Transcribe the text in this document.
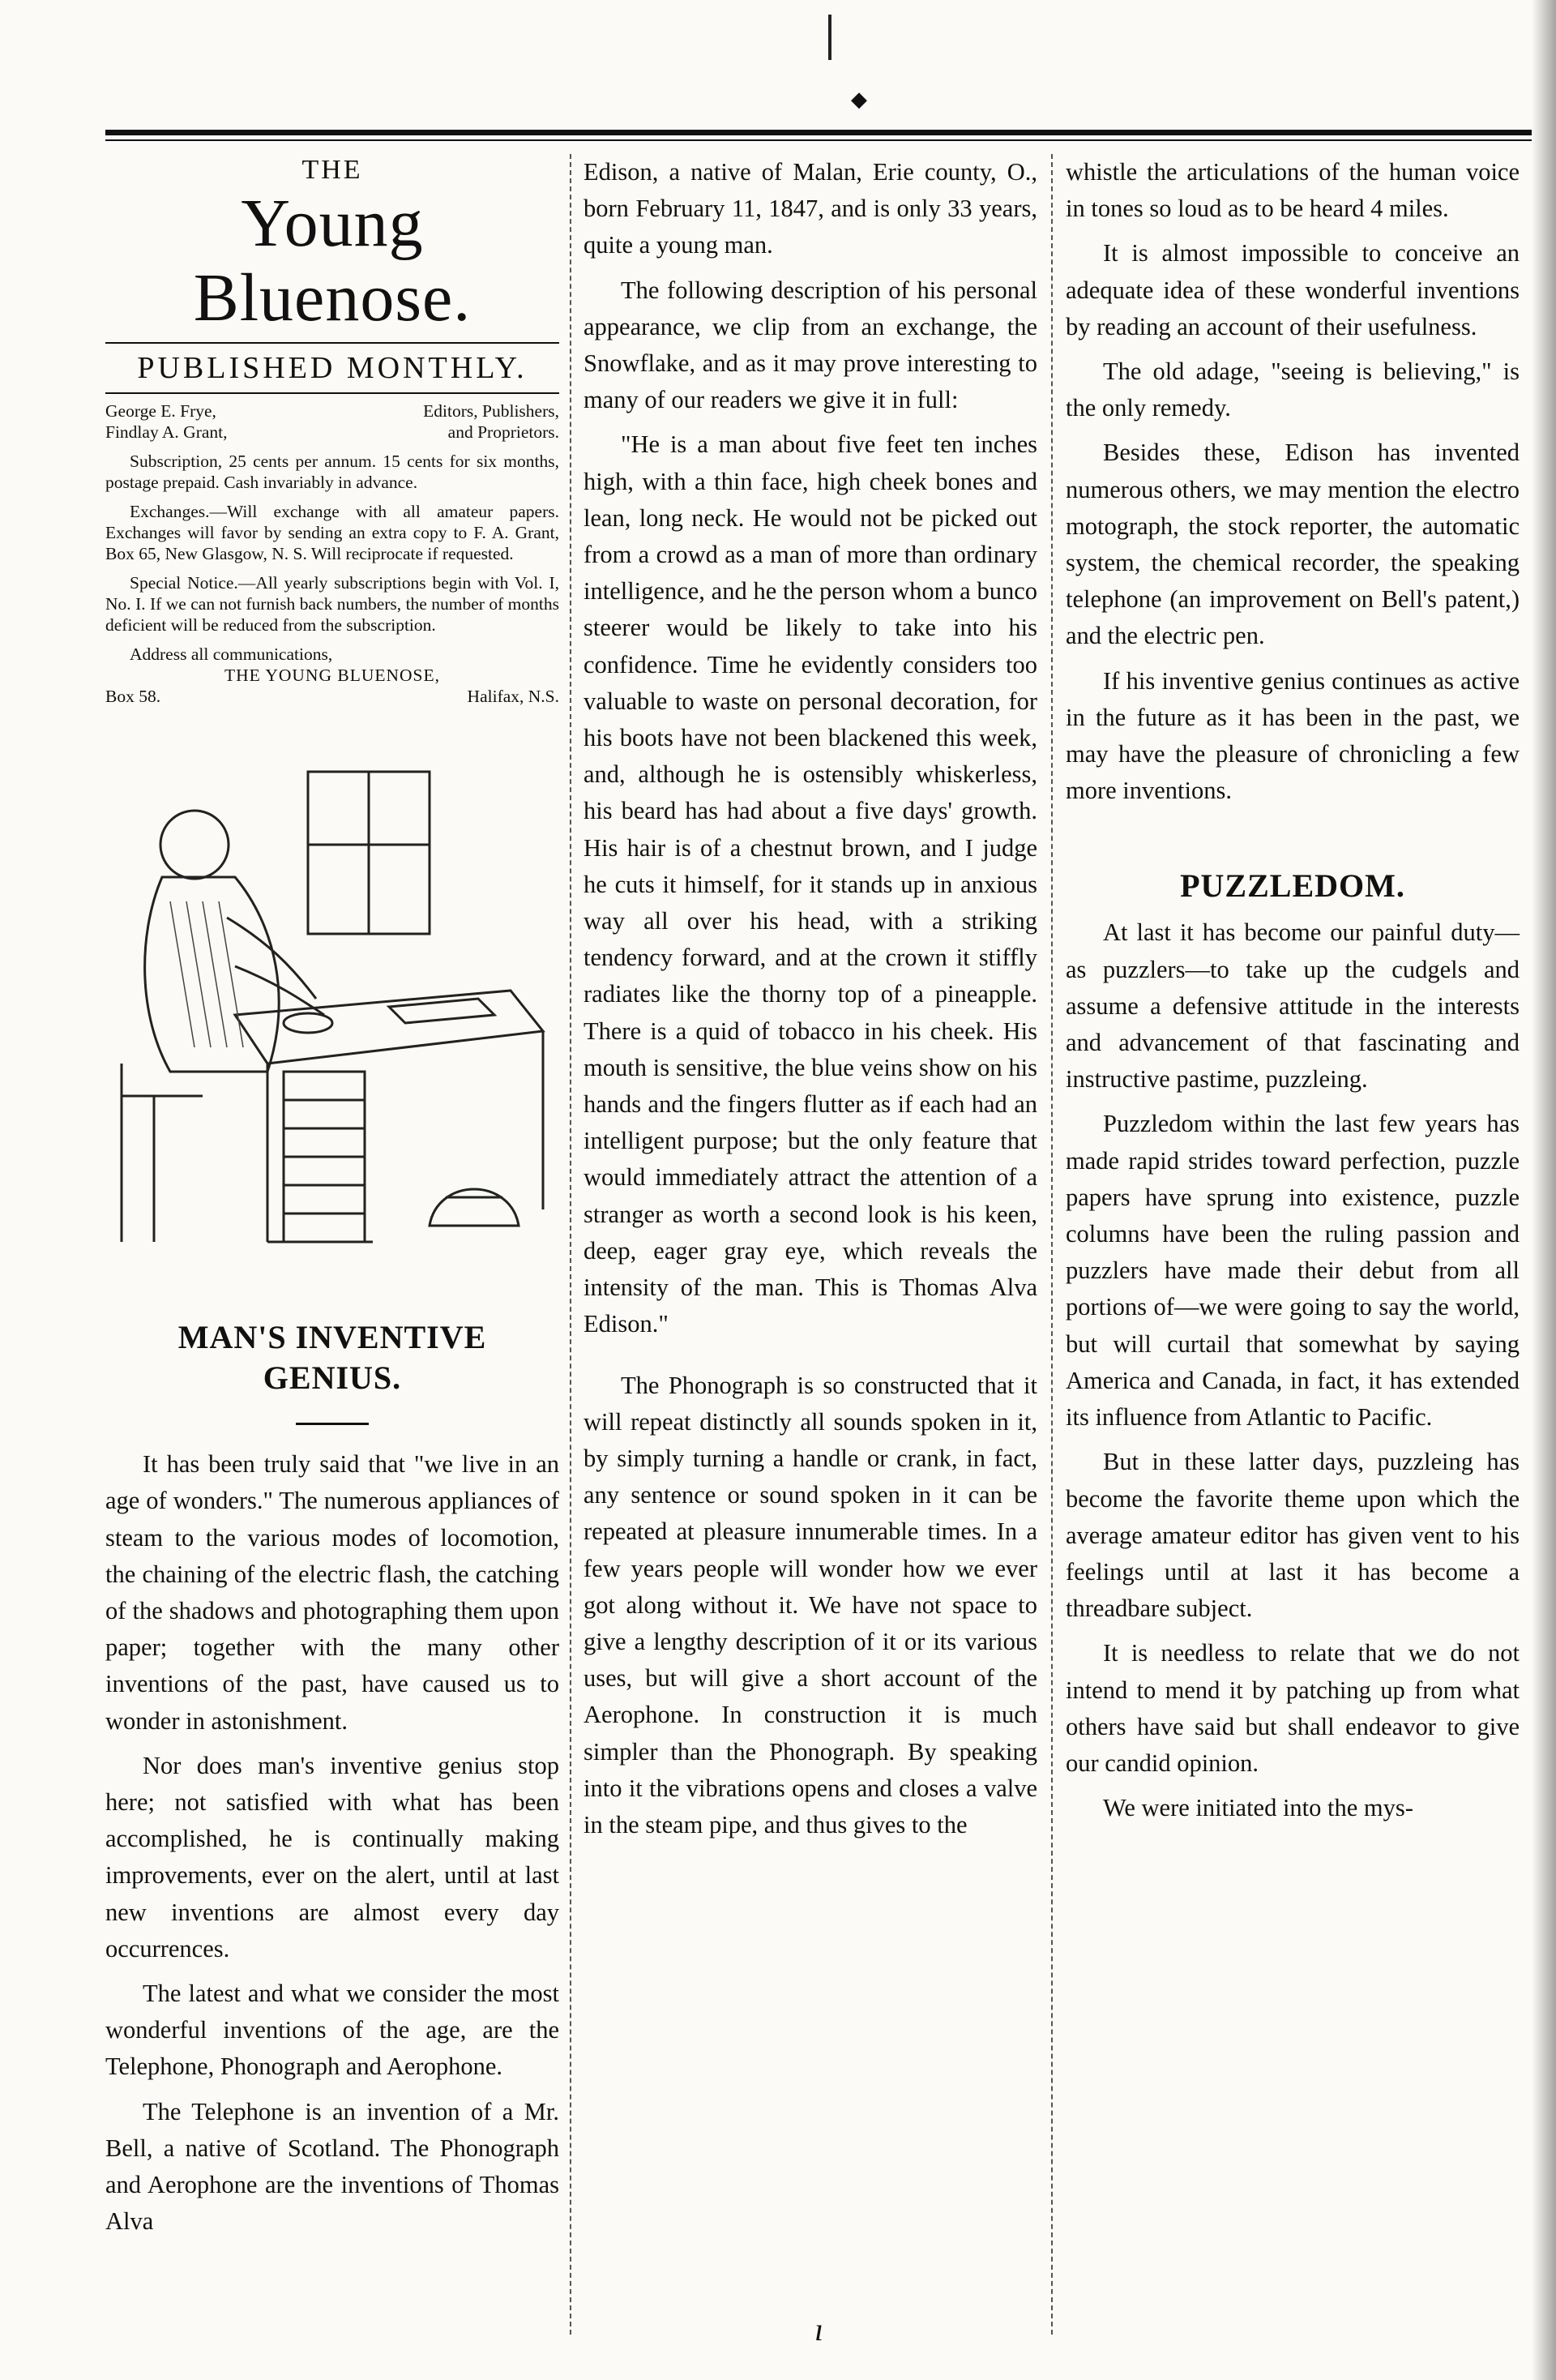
◆
THE
Young Bluenose.
PUBLISHED MONTHLY.
George E. Frye,
Findlay A. Grant,
Editors, Publishers,
and Proprietors.

Subscription, 25 cents per annum. 15 cents for six months, postage prepaid. Cash invariably in advance.

Exchanges.—Will exchange with all amateur papers. Exchanges will favor by sending an extra copy to F. A. Grant, Box 65, New Glasgow, N. S. Will reciprocate if requested.

Special Notice.—All yearly subscriptions begin with Vol. I, No. I. If we can not furnish back numbers, the number of months deficient will be reduced from the subscription.

Address all communications,

THE YOUNG BLUENOSE,
Box 58.	Halifax, N.S.
MAN'S INVENTIVE GENIUS.

It has been truly said that "we live in an age of wonders." The numerous appliances of steam to the various modes of locomotion, the chaining of the electric flash, the catching of the shadows and photographing them upon paper; together with the many other inventions of the past, have caused us to wonder in astonishment.

Nor does man's inventive genius stop here; not satisfied with what has been accomplished, he is continually making improvements, ever on the alert, until at last new inventions are almost every day occurrences.

The latest and what we consider the most wonderful inventions of the age, are the Telephone, Phonograph and Aerophone.

The Telephone is an invention of a Mr. Bell, a native of Scotland. The Phonograph and Aerophone are the inventions of Thomas Alva

Edison, a native of Malan, Erie county, O., born February 11, 1847, and is only 33 years, quite a young man.

The following description of his personal appearance, we clip from an exchange, the Snowflake, and as it may prove interesting to many of our readers we give it in full:

"He is a man about five feet ten inches high, with a thin face, high cheek bones and lean, long neck. He would not be picked out from a crowd as a man of more than ordinary intelligence, and he the person whom a bunco steerer would be likely to take into his confidence. Time he evidently considers too valuable to waste on personal decoration, for his boots have not been blackened this week, and, although he is ostensibly whiskerless, his beard has had about a five days' growth. His hair is of a chestnut brown, and I judge he cuts it himself, for it stands up in anxious way all over his head, with a striking tendency forward, and at the crown it stiffly radiates like the thorny top of a pineapple. There is a quid of tobacco in his cheek. His mouth is sensitive, the blue veins show on his hands and the fingers flutter as if each had an intelligent purpose; but the only feature that would immediately attract the attention of a stranger as worth a second look is his keen, deep, eager gray eye, which reveals the intensity of the man. This is Thomas Alva Edison."

The Phonograph is so constructed that it will repeat distinctly all sounds spoken in it, by simply turning a handle or crank, in fact, any sentence or sound spoken in it can be repeated at pleasure innumerable times. In a few years people will wonder how we ever got along without it. We have not space to give a lengthy description of it or its various uses, but will give a short account of the Aerophone. In construction it is much simpler than the Phonograph. By speaking into it the vibrations opens and closes a valve in the steam pipe, and thus gives to the

whistle the articulations of the human voice in tones so loud as to be heard 4 miles.

It is almost impossible to conceive an adequate idea of these wonderful inventions by reading an account of their usefulness.

The old adage, "seeing is believing," is the only remedy.

Besides these, Edison has invented numerous others, we may mention the electro motograph, the stock reporter, the automatic system, the chemical recorder, the speaking telephone (an improvement on Bell's patent,) and the electric pen.

If his inventive genius continues as active in the future as it has been in the past, we may have the pleasure of chronicling a few more inventions.

PUZZLEDOM.

At last it has become our painful duty—as puzzlers—to take up the cudgels and assume a defensive attitude in the interests and advancement of that fascinating and instructive pastime, puzzleing.

Puzzledom within the last few years has made rapid strides toward perfection, puzzle papers have sprung into existence, puzzle columns have been the ruling passion and puzzlers have made their debut from all portions of—we were going to say the world, but will curtail that somewhat by saying America and Canada, in fact, it has extended its influence from Atlantic to Pacific.

But in these latter days, puzzleing has become the favorite theme upon which the average amateur editor has given vent to his feelings until at last it has become a threadbare subject.

It is needless to relate that we do not intend to mend it by patching up from what others have said but shall endeavor to give our candid opinion.

We were initiated into the mys-

ı
